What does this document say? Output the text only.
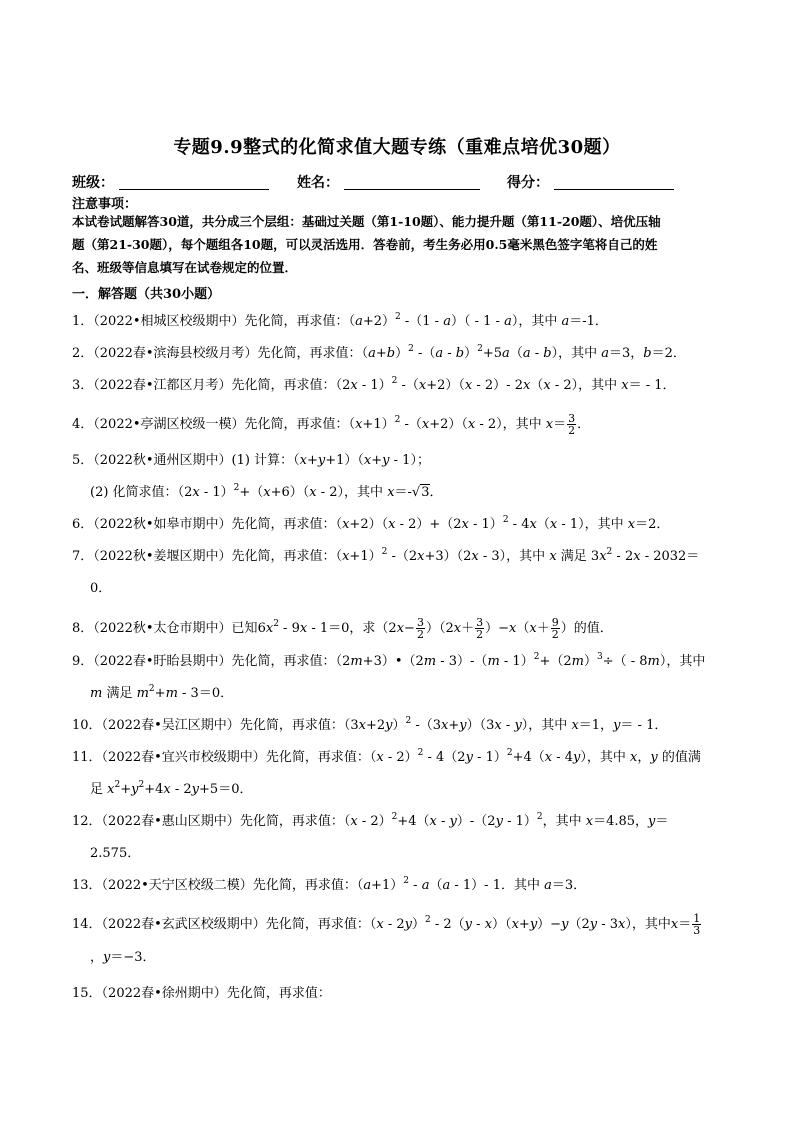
专题9.9整式的化简求值大题专练（重难点培优30题）
班级：	姓名：	得分：
注意事项：
本试卷试题解答30道，共分成三个层组：基础过关题（第1-10题）、能力提升题（第11-20题）、培优压轴
题（第21-30题），每个题组各10题，可以灵活选用．答卷前，考生务必用0.5毫米黑色签字笔将自己的姓
名、班级等信息填写在试卷规定的位置．
一．解答题（共30小题）
1．（2022•相城区校级期中）先化简，再求值：$(a+2)^2$ -（1 - a）（ - 1 - a），其中 a＝-1．
2．（2022春•滨海县校级月考）先化简，再求值：$(a+b)^2$ -（a - b）$^2$+5a（a - b），其中 a＝3，b＝2．
3．（2022春•江都区月考）先化简，再求值：（2x - 1）$^2$ -（x+2）（x - 2）- 2x（x - 2），其中 x＝ - 1．
4．（2022•亭湖区校级一模）先化简，再求值：$(x+1)^2$ -（x+2）（x - 2），其中 $x= \frac{3}{2}$ ．
5．（2022秋•通州区期中）(1) 计算：（x+y+1）（x+y - 1）；
(2) 化简求值：（2x - 1）$^2$+（x+6）（x - 2），其中 x＝-√3．
6．（2022秋•如皋市期中）先化简，再求值：（x+2）（x - 2）+（2x - 1）$^2$ - 4x（x - 1），其中 x＝2．
7．（2022秋•姜堰区期中）先化简，再求值：$(x+1)^2$ -（2x+3）（2x - 3），其中 x 满足 $3x^2 - 2x - 2032=$
0．
8．（2022秋•太仓市期中）已知$6x^2 - 9x - 1=0$，求$(2x- \frac{3}{2} )(2x+ \frac{3}{2} )-x(x+ \frac{9}{2}$ ）的值．
9．（2022春•盱眙县期中）先化简，再求值：（2m+3）•（2m - $3)-(m - 1)^2+(2m)^3\div( - 8m)$，其中
m 满足 $m^2+m - 3=0$．
10．（2022春•吴江区期中）先化简，再求值：$(3x+2y)^2$ -（3x+y）（3x - y），其中 x＝1，y＝ - 1．
11．（2022春•宜兴市校级期中）先化简，再求值：（x - 2）$^2$ - 4（2y - 1）$^2$+4（x - 4y），其中 x，y 的值满
足 $x^2+y^2+4x - 2y+5=0$．
12．（2022春•惠山区期中）先化简，再求值：（x - 2）$^2$+4（x - y）-（2y - 1）$^2$，其中 x＝4.85，y＝
2.575．
13．（2022•天宁区校级二模）先化简，再求值：$(a+1)^2 - a(a - 1)-$ 1．其中 a＝3．
14．（2022春•玄武区校级期中）先化简，再求值：（x - 2y）$^2$ - 2（y - x）（x+y）−y（2y - 3x），其中$x= \frac{1}{3}$
，y＝−3．
15．（2022春•徐州期中）先化简，再求值：
